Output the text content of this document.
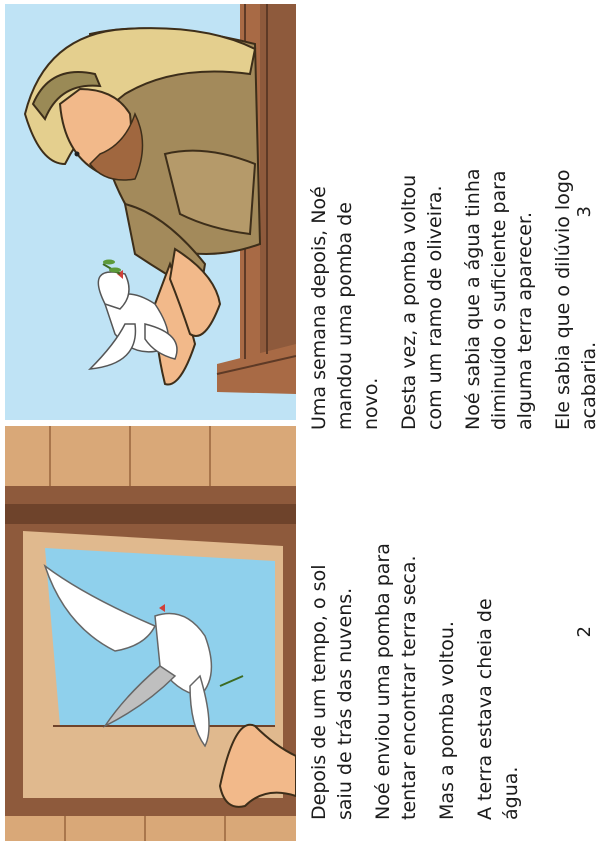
Uma semana depois, Noé
mandou uma pomba de
novo. Desta vez, a pomba voltou
com um ramo de oliveira.

Noé sabia que a água tinha
diminuído o suficiente para
alguma terra aparecer.

Ele sabia que o dilúvio logo
acabaria.

3

Depois de um tempo, o sol
saiu de trás das nuvens.

Noé enviou uma pomba para
tentar encontrar terra seca.

Mas a pomba voltou. A terra estava cheia de
água.

2
